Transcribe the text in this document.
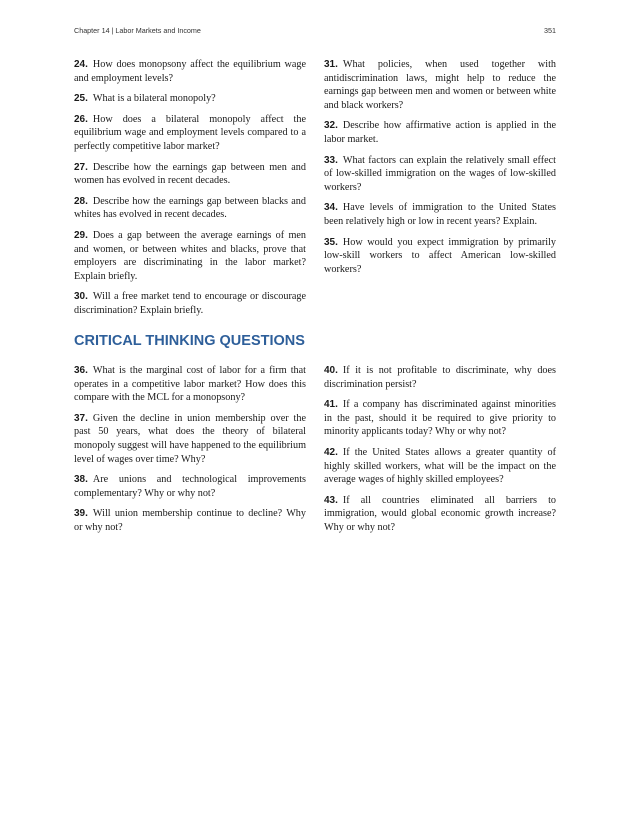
Chapter 14 | Labor Markets and Income	351

24. How does monopsony affect the equilibrium wage and employment levels?

25. What is a bilateral monopoly?

26. How does a bilateral monopoly affect the equilibrium wage and employment levels compared to a perfectly competitive labor market?

27. Describe how the earnings gap between men and women has evolved in recent decades.

28. Describe how the earnings gap between blacks and whites has evolved in recent decades.

29. Does a gap between the average earnings of men and women, or between whites and blacks, prove that employers are discriminating in the labor market? Explain briefly.

30. Will a free market tend to encourage or discourage discrimination? Explain briefly.

31. What policies, when used together with antidiscrimination laws, might help to reduce the earnings gap between men and women or between white and black workers?

32. Describe how affirmative action is applied in the labor market.

33. What factors can explain the relatively small effect of low-skilled immigration on the wages of low-skilled workers?

34. Have levels of immigration to the United States been relatively high or low in recent years? Explain.

35. How would you expect immigration by primarily low-skill workers to affect American low-skilled workers?

CRITICAL THINKING QUESTIONS

36. What is the marginal cost of labor for a firm that operates in a competitive labor market? How does this compare with the MCL for a monopsony?

37. Given the decline in union membership over the past 50 years, what does the theory of bilateral monopoly suggest will have happened to the equilibrium level of wages over time? Why?

38. Are unions and technological improvements complementary? Why or why not?

39. Will union membership continue to decline? Why or why not?

40. If it is not profitable to discriminate, why does discrimination persist?

41. If a company has discriminated against minorities in the past, should it be required to give priority to minority applicants today? Why or why not?

42. If the United States allows a greater quantity of highly skilled workers, what will be the impact on the average wages of highly skilled employees?

43. If all countries eliminated all barriers to immigration, would global economic growth increase? Why or why not?
